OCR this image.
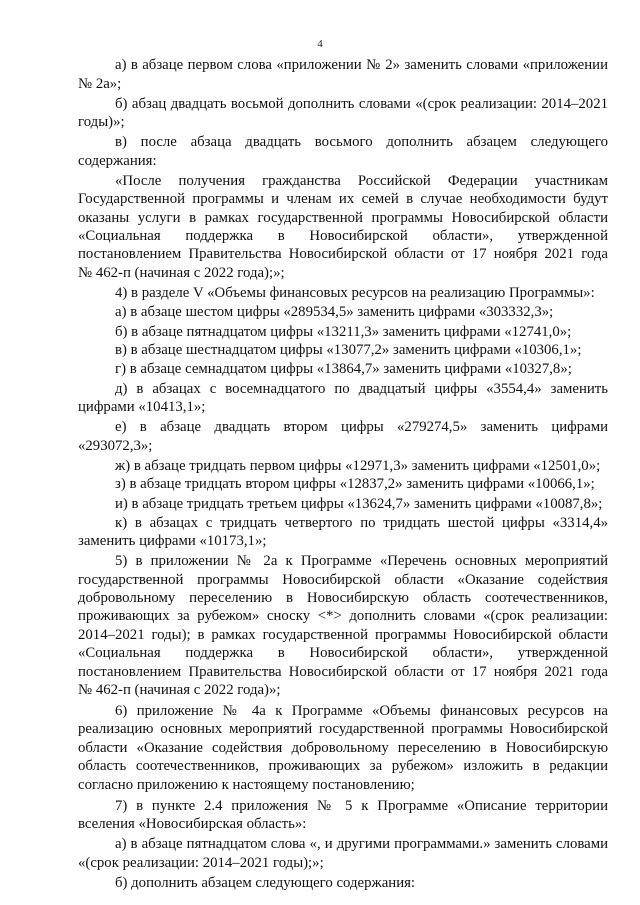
4
а) в абзаце первом слова «приложении № 2» заменить словами «приложении
№ 2а»;
б) абзац двадцать восьмой дополнить словами «(срок реализации: 2014–2021
годы)»;
в) после абзаца двадцать восьмого дополнить абзацем следующего
содержания:
«После получения гражданства Российской Федерации участникам
Государственной программы и членам их семей в случае необходимости будут
оказаны услуги в рамках государственной программы Новосибирской области
«Социальная поддержка в Новосибирской области», утвержденной
постановлением Правительства Новосибирской области от 17 ноября 2021 года
№ 462-п (начиная с 2022 года);»;
4) в разделе V «Объемы финансовых ресурсов на реализацию Программы»:
а) в абзаце шестом цифры «289534,5» заменить цифрами «303332,3»;
б) в абзаце пятнадцатом цифры «13211,3» заменить цифрами «12741,0»;
в) в абзаце шестнадцатом цифры «13077,2» заменить цифрами «10306,1»;
г) в абзаце семнадцатом цифры «13864,7» заменить цифрами «10327,8»;
д) в абзацах с восемнадцатого по двадцатый цифры «3554,4» заменить
цифрами «10413,1»;
е) в абзаце двадцать втором цифры «279274,5» заменить цифрами
«293072,3»;
ж) в абзаце тридцать первом цифры «12971,3» заменить цифрами «12501,0»;
з) в абзаце тридцать втором цифры «12837,2» заменить цифрами «10066,1»;
и) в абзаце тридцать третьем цифры «13624,7» заменить цифрами «10087,8»;
к) в абзацах с тридцать четвертого по тридцать шестой цифры «3314,4»
заменить цифрами «10173,1»;
5) в приложении № 2а к Программе «Перечень основных мероприятий
государственной программы Новосибирской области «Оказание содействия
добровольному переселению в Новосибирскую область соотечественников,
проживающих за рубежом» сноску <*> дополнить словами «(срок реализации:
2014–2021 годы); в рамках государственной программы Новосибирской области
«Социальная поддержка в Новосибирской области», утвержденной
постановлением Правительства Новосибирской области от 17 ноября 2021 года
№ 462-п (начиная с 2022 года)»;
6) приложение № 4а к Программе «Объемы финансовых ресурсов на
реализацию основных мероприятий государственной программы Новосибирской
области «Оказание содействия добровольному переселению в Новосибирскую
область соотечественников, проживающих за рубежом» изложить в редакции
согласно приложению к настоящему постановлению;
7) в пункте 2.4 приложения № 5 к Программе «Описание территории
вселения «Новосибирская область»:
а) в абзаце пятнадцатом слова «, и другими программами.» заменить словами
«(срок реализации: 2014–2021 годы);»;
б) дополнить абзацем следующего содержания:
